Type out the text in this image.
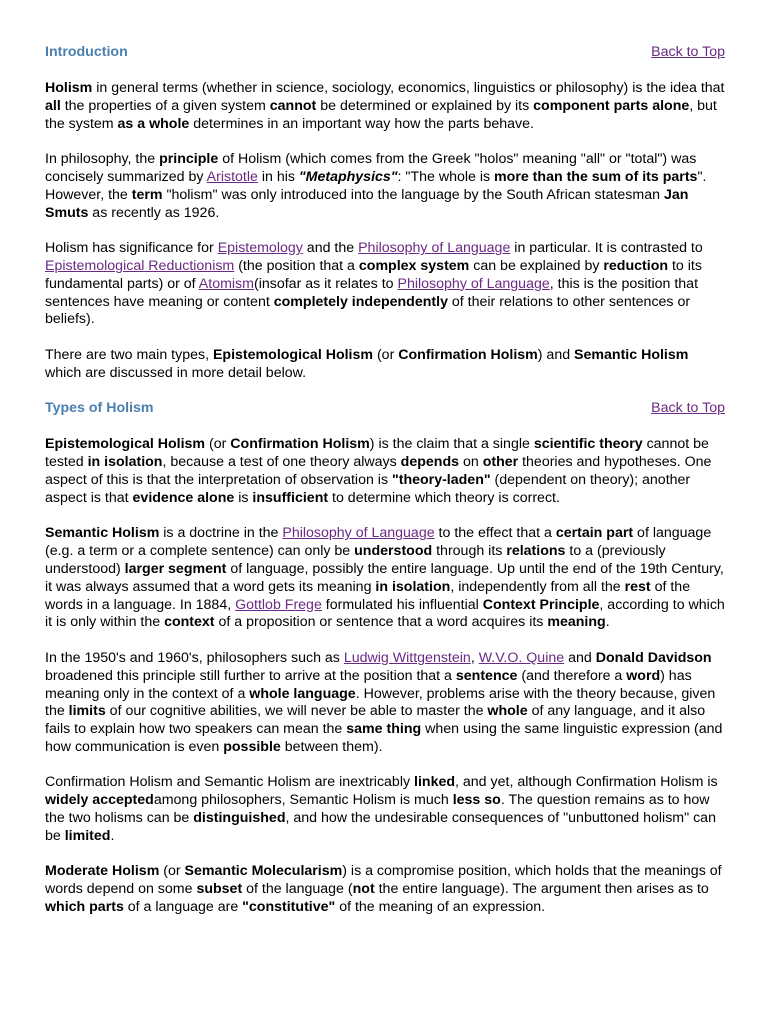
Introduction	Back to Top

Holism in general terms (whether in science, sociology, economics, linguistics or philosophy) is the idea that all the properties of a given system cannot be determined or explained by its component parts alone, but the system as a whole determines in an important way how the parts behave.

In philosophy, the principle of Holism (which comes from the Greek "holos" meaning "all" or "total") was concisely summarized by Aristotle in his "Metaphysics": "The whole is more than the sum of its parts". However, the term "holism" was only introduced into the language by the South African statesman Jan Smuts as recently as 1926.

Holism has significance for Epistemology and the Philosophy of Language in particular. It is contrasted to Epistemological Reductionism (the position that a complex system can be explained by reduction to its fundamental parts) or of Atomism(insofar as it relates to Philosophy of Language, this is the position that sentences have meaning or content completely independently of their relations to other sentences or beliefs).

There are two main types, Epistemological Holism (or Confirmation Holism) and Semantic Holism which are discussed in more detail below.

Types of Holism	Back to Top

Epistemological Holism (or Confirmation Holism) is the claim that a single scientific theory cannot be tested in isolation, because a test of one theory always depends on other theories and hypotheses. One aspect of this is that the interpretation of observation is "theory-laden" (dependent on theory); another aspect is that evidence alone is insufficient to determine which theory is correct.

Semantic Holism is a doctrine in the Philosophy of Language to the effect that a certain part of language (e.g. a term or a complete sentence) can only be understood through its relations to a (previously understood) larger segment of language, possibly the entire language. Up until the end of the 19th Century, it was always assumed that a word gets its meaning in isolation, independently from all the rest of the words in a language. In 1884, Gottlob Frege formulated his influential Context Principle, according to which it is only within the context of a proposition or sentence that a word acquires its meaning.

In the 1950's and 1960's, philosophers such as Ludwig Wittgenstein, W.V.O. Quine and Donald Davidson broadened this principle still further to arrive at the position that a sentence (and therefore a word) has meaning only in the context of a whole language. However, problems arise with the theory because, given the limits of our cognitive abilities, we will never be able to master the whole of any language, and it also fails to explain how two speakers can mean the same thing when using the same linguistic expression (and how communication is even possible between them).

Confirmation Holism and Semantic Holism are inextricably linked, and yet, although Confirmation Holism is widely acceptedamong philosophers, Semantic Holism is much less so. The question remains as to how the two holisms can be distinguished, and how the undesirable consequences of "unbuttoned holism" can be limited.

Moderate Holism (or Semantic Molecularism) is a compromise position, which holds that the meanings of words depend on some subset of the language (not the entire language). The argument then arises as to which parts of a language are "constitutive" of the meaning of an expression.
